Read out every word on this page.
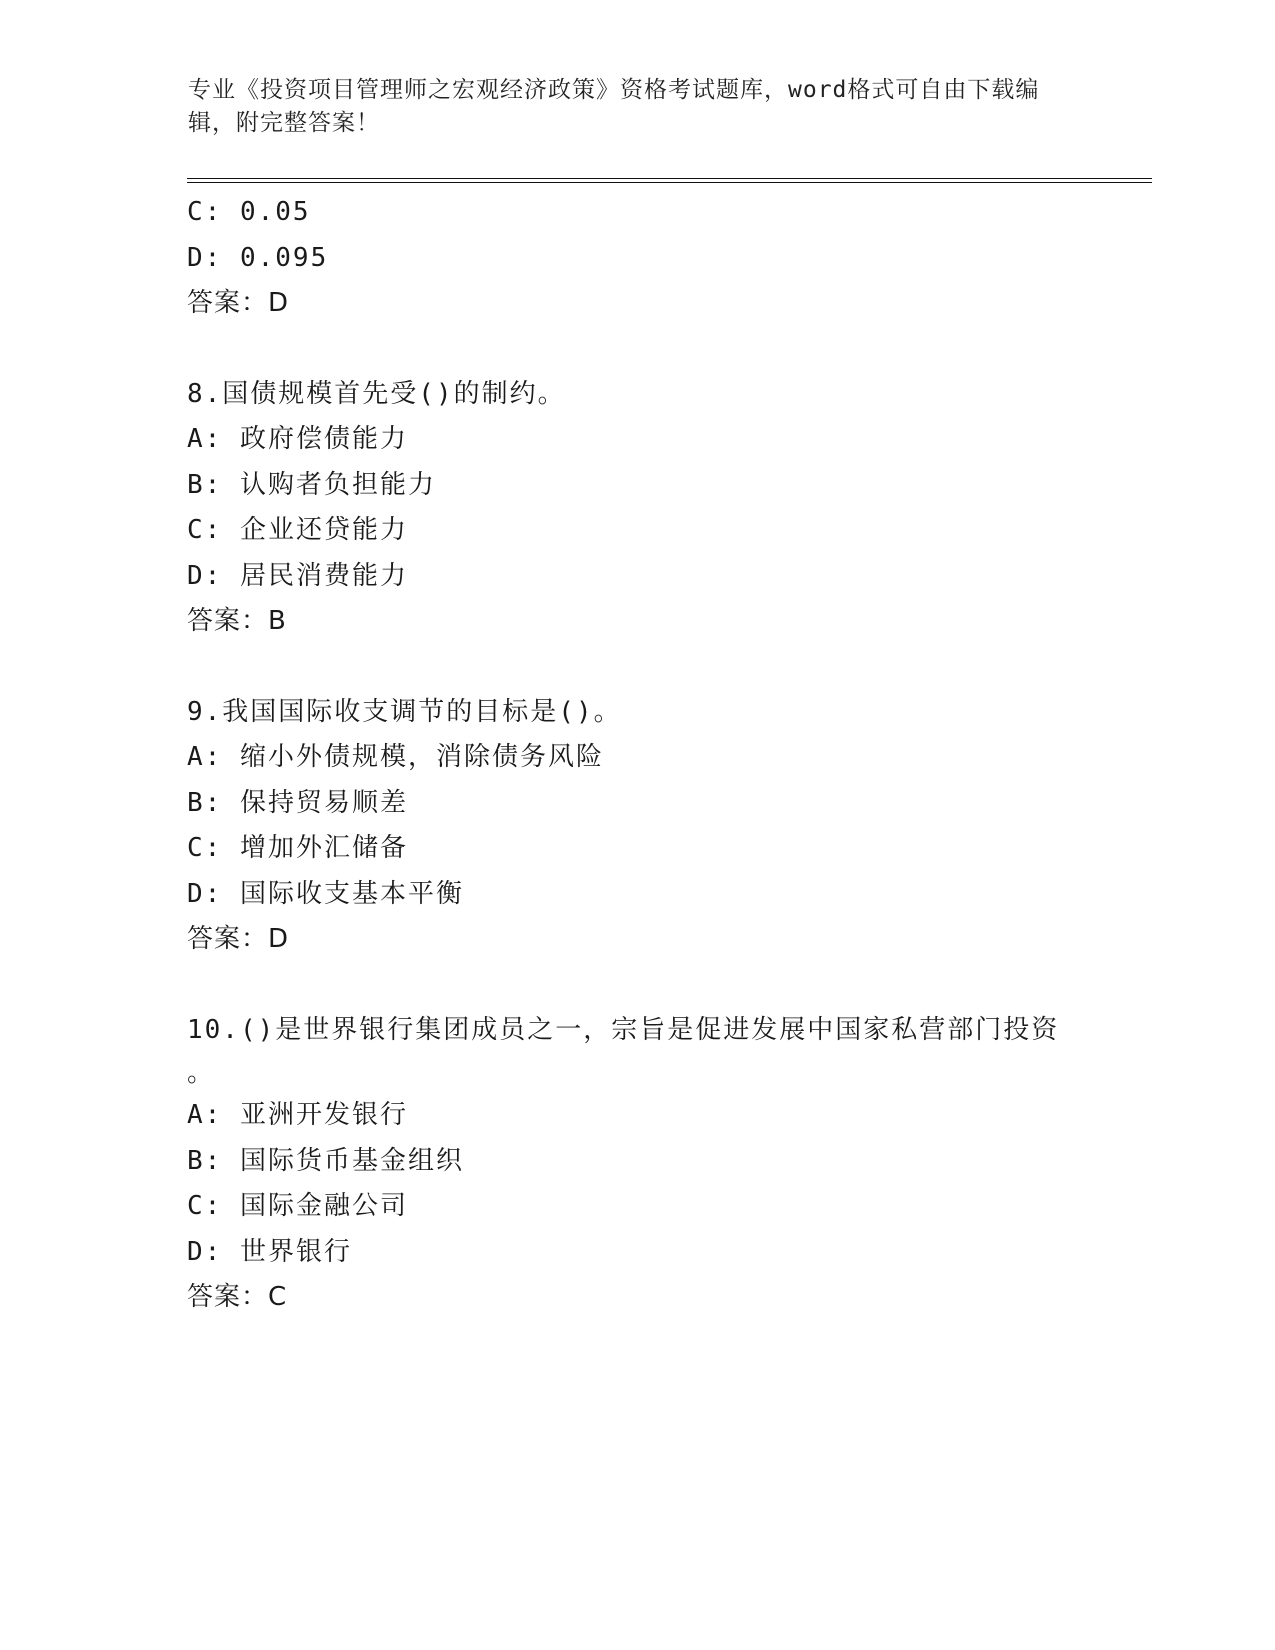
专业《投资项目管理师之宏观经济政策》资格考试题库，word格式可自由下载编
辑，附完整答案！
C: 0.05
D: 0.095
答案：D
8.国债规模首先受()的制约。
A: 政府偿债能力
B: 认购者负担能力
C: 企业还贷能力
D: 居民消费能力
答案：B
9.我国国际收支调节的目标是()。
A: 缩小外债规模，消除债务风险
B: 保持贸易顺差
C: 增加外汇储备
D: 国际收支基本平衡
答案：D
10.()是世界银行集团成员之一，宗旨是促进发展中国家私营部门投资
。
A: 亚洲开发银行
B: 国际货币基金组织
C: 国际金融公司
D: 世界银行
答案：C
